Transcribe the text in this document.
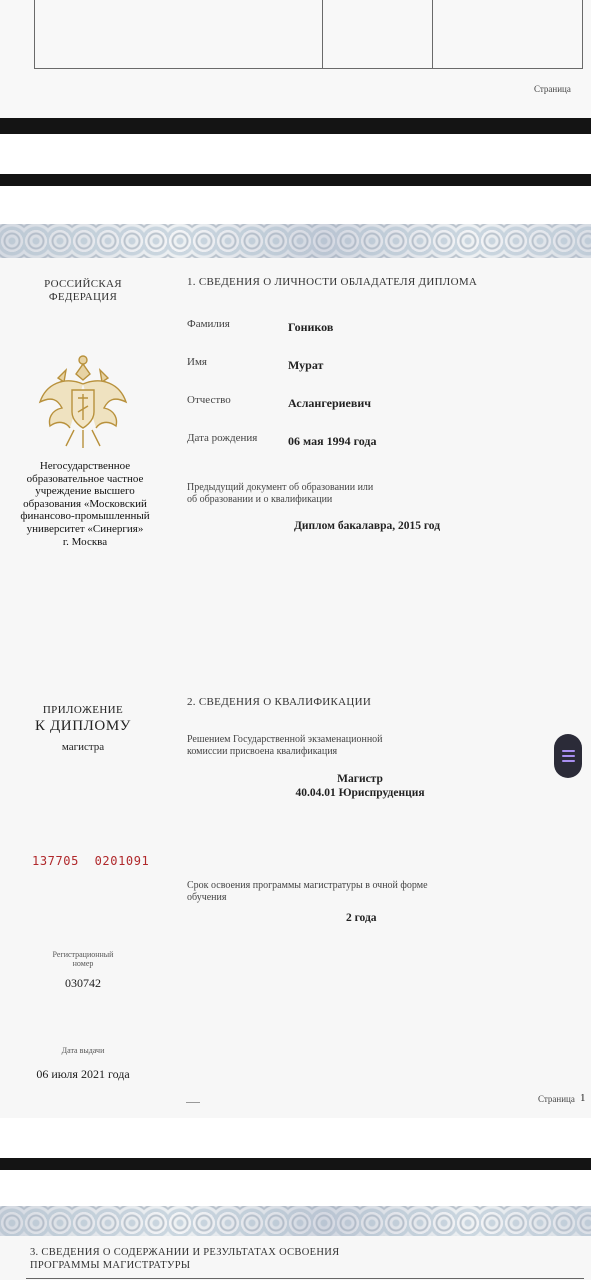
Страница
РОССИЙСКАЯ
ФЕДЕРАЦИЯ
Негосударственное
образовательное частное
учреждение высшего
образования «Московский
финансово-промышленный
университет «Синергия»
г. Москва
ПРИЛОЖЕНИЕ
К ДИПЛОМУ
магистра
137705  0201091
Регистрационный
номер
030742
Дата выдачи
06 июля 2021 года
1. СВЕДЕНИЯ О ЛИЧНОСТИ ОБЛАДАТЕЛЯ ДИПЛОМА
Фамилия	Гоников
Имя	Мурат
Отчество	Аслангериевич
Дата рождения	06 мая 1994 года
Предыдущий документ об образовании или
об образовании и о квалификации
Диплом бакалавра, 2015 год
2. СВЕДЕНИЯ О КВАЛИФИКАЦИИ
Решением Государственной экзаменационной
комиссии присвоена квалификация
Магистр
40.04.01 Юриспруденция
Срок освоения программы магистратуры в очной форме
обучения
2 года
Страница 1
3. СВЕДЕНИЯ О СОДЕРЖАНИИ И РЕЗУЛЬТАТАХ ОСВОЕНИЯ
ПРОГРАММЫ МАГИСТРАТУРЫ
